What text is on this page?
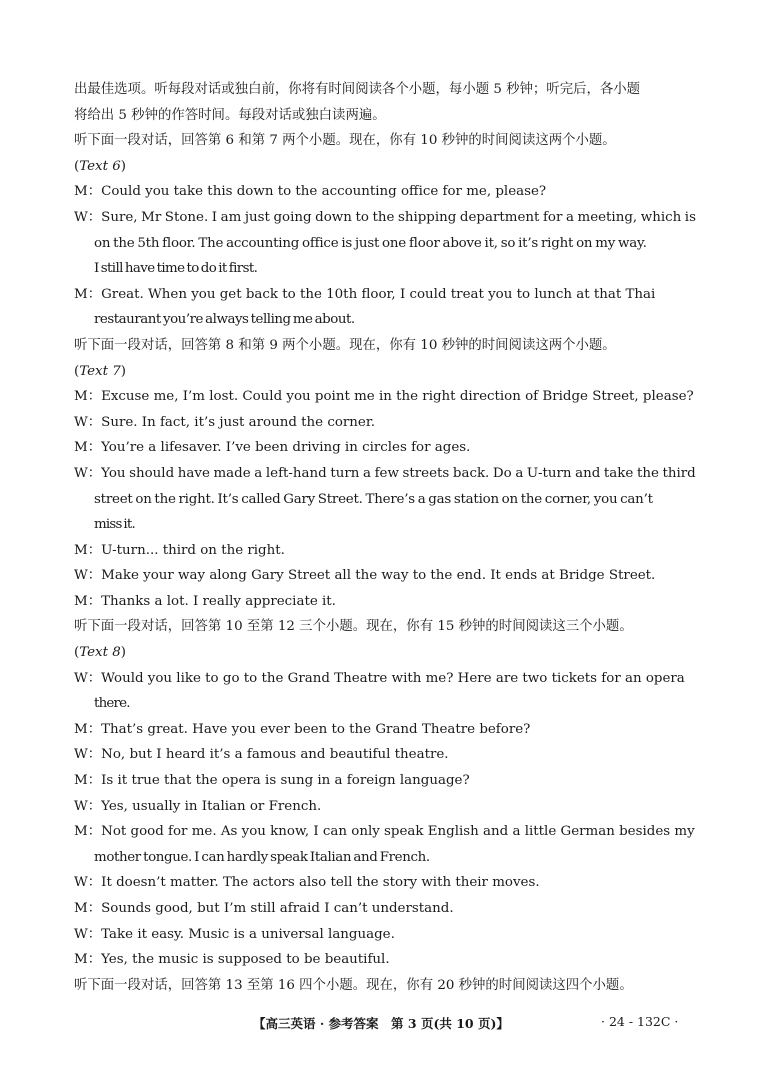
出最佳选项。听每段对话或独白前，你将有时间阅读各个小题，每小题 5 秒钟；听完后，各小题
将给出 5 秒钟的作答时间。每段对话或独白读两遍。
听下面一段对话，回答第 6 和第 7 两个小题。现在，你有 10 秒钟的时间阅读这两个小题。
(Text 6)
M：Could you take this down to the accounting office for me, please?
W：Sure, Mr Stone. I am just going down to the shipping department for a meeting, which is
on the 5th floor. The accounting office is just one floor above it, so it’s right on my way.
I still have time to do it first.
M：Great. When you get back to the 10th floor, I could treat you to lunch at that Thai
restaurant you’re always telling me about.
听下面一段对话，回答第 8 和第 9 两个小题。现在，你有 10 秒钟的时间阅读这两个小题。
(Text 7)
M：Excuse me, I’m lost. Could you point me in the right direction of Bridge Street, please?
W：Sure. In fact, it’s just around the corner.
M：You’re a lifesaver. I’ve been driving in circles for ages.
W：You should have made a left-hand turn a few streets back. Do a U-turn and take the third
street on the right. It’s called Gary Street. There’s a gas station on the corner, you can’t
miss it.
M：U-turn... third on the right.
W：Make your way along Gary Street all the way to the end. It ends at Bridge Street.
M：Thanks a lot. I really appreciate it.
听下面一段对话，回答第 10 至第 12 三个小题。现在，你有 15 秒钟的时间阅读这三个小题。
(Text 8)
W：Would you like to go to the Grand Theatre with me? Here are two tickets for an opera
there.
M：That’s great. Have you ever been to the Grand Theatre before?
W：No, but I heard it’s a famous and beautiful theatre.
M：Is it true that the opera is sung in a foreign language?
W：Yes, usually in Italian or French.
M：Not good for me. As you know, I can only speak English and a little German besides my
mother tongue. I can hardly speak Italian and French.
W：It doesn’t matter. The actors also tell the story with their moves.
M：Sounds good, but I’m still afraid I can’t understand.
W：Take it easy. Music is a universal language.
M：Yes, the music is supposed to be beautiful.
听下面一段对话，回答第 13 至第 16 四个小题。现在，你有 20 秒钟的时间阅读这四个小题。
【高三英语 · 参考答案　第 3 页(共 10 页)】	· 24 - 132C ·
